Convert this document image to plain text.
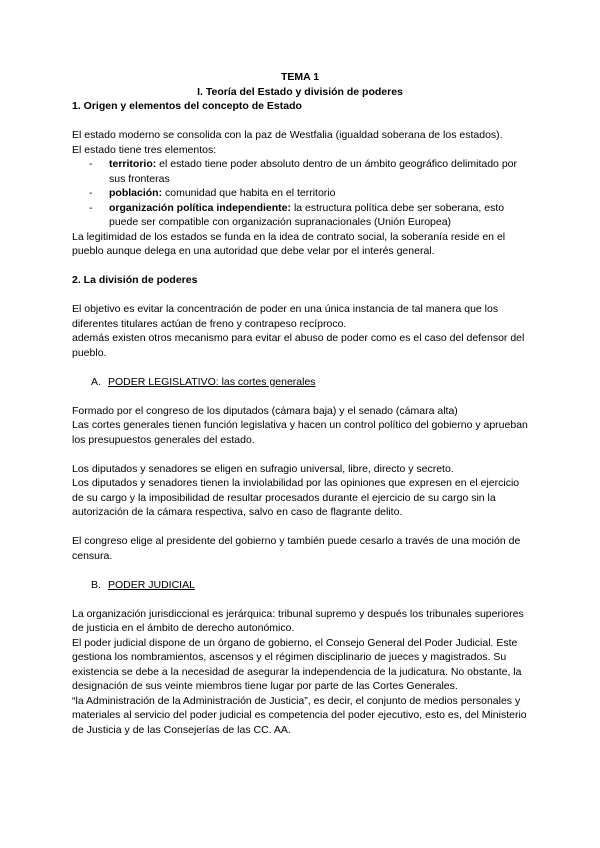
TEMA 1

I. Teoría del Estado y división de poderes

1. Origen y elementos del concepto de Estado

El estado moderno se consolida con la paz de Westfalia (igualdad soberana de los estados).

El estado tiene tres elementos:

- territorio: el estado tiene poder absoluto dentro de un ámbito geográfico delimitado por sus fronteras
- población: comunidad que habita en el territorio
- organización política independiente: la estructura política debe ser soberana, esto puede ser compatible con organización supranacionales (Unión Europea)

La legitimidad de los estados se funda en la idea de contrato social, la soberanía reside en el pueblo aunque delega en una autoridad que debe velar por el interés general.

2. La división de poderes

El objetivo es evitar la concentración de poder en una única instancia de tal manera que los diferentes titulares actúan de freno y contrapeso recíproco.

además existen otros mecanismo para evitar el abuso de poder como es el caso del defensor del pueblo.

A. PODER LEGISLATIVO: las cortes generales

Formado por el congreso de los diputados (cámara baja) y el senado (cámara alta)

Las cortes generales tienen función legislativa y hacen un control político del gobierno y aprueban los presupuestos generales del estado.

Los diputados y senadores se eligen en sufragio universal, libre, directo y secreto.

Los diputados y senadores tienen la inviolabilidad por las opiniones que expresen en el ejercicio de su cargo y la imposibilidad de resultar procesados durante el ejercicio de su cargo sin la autorización de la cámara respectiva, salvo en caso de flagrante delito.

El congreso elige al presidente del gobierno y también puede cesarlo a través de una moción de censura.

B. PODER JUDICIAL

La organización jurisdiccional es jerárquica: tribunal supremo y después los tribunales superiores de justicia en el ámbito de derecho autonómico.

El poder judicial dispone de un órgano de gobierno, el Consejo General del Poder Judicial. Este gestiona los nombramientos, ascensos y el régimen disciplinario de jueces y magistrados. Su existencia se debe a la necesidad de asegurar la independencia de la judicatura. No obstante, la designación de sus veinte miembros tiene lugar por parte de las Cortes Generales.

“la Administración de la Administración de Justicia”, es decir, el conjunto de medios personales y materiales al servicio del poder judicial es competencia del poder ejecutivo, esto es, del Ministerio de Justicia y de las Consejerías de las CC. AA.
